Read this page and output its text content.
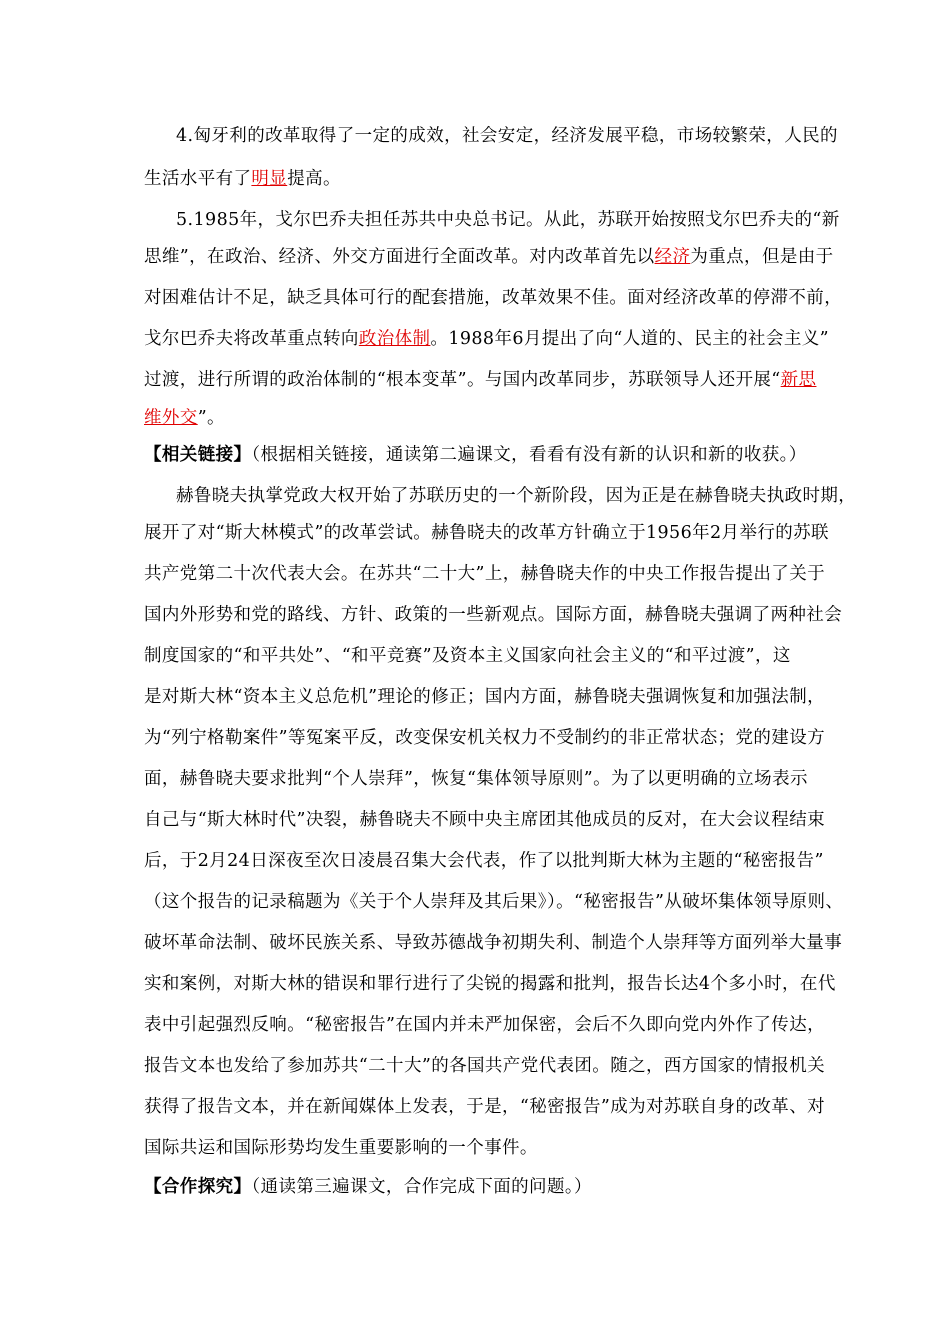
4.匈牙利的改革取得了一定的成效，社会安定，经济发展平稳，市场较繁荣，人民的
生活水平有了明显提高。
5.1985年，戈尔巴乔夫担任苏共中央总书记。从此，苏联开始按照戈尔巴乔夫的“新
思维”，在政治、经济、外交方面进行全面改革。对内改革首先以经济为重点，但是由于
对困难估计不足，缺乏具体可行的配套措施，改革效果不佳。面对经济改革的停滞不前，
戈尔巴乔夫将改革重点转向政治体制。1988年6月提出了向“人道的、民主的社会主义”
过渡，进行所谓的政治体制的“根本变革”。与国内改革同步，苏联领导人还开展“新思
维外交”。
【相关链接】（根据相关链接，通读第二遍课文，看看有没有新的认识和新的收获。）
赫鲁晓夫执掌党政大权开始了苏联历史的一个新阶段，因为正是在赫鲁晓夫执政时期，
展开了对“斯大林模式”的改革尝试。赫鲁晓夫的改革方针确立于1956年2月举行的苏联
共产党第二十次代表大会。在苏共“二十大”上，赫鲁晓夫作的中央工作报告提出了关于
国内外形势和党的路线、方针、政策的一些新观点。国际方面，赫鲁晓夫强调了两种社会
制度国家的“和平共处”、“和平竞赛”及资本主义国家向社会主义的“和平过渡”，这
是对斯大林“资本主义总危机”理论的修正；国内方面，赫鲁晓夫强调恢复和加强法制，
为“列宁格勒案件”等冤案平反，改变保安机关权力不受制约的非正常状态；党的建设方
面，赫鲁晓夫要求批判“个人崇拜”，恢复“集体领导原则”。为了以更明确的立场表示
自己与“斯大林时代”决裂，赫鲁晓夫不顾中央主席团其他成员的反对，在大会议程结束
后，于2月24日深夜至次日凌晨召集大会代表，作了以批判斯大林为主题的“秘密报告”
（这个报告的记录稿题为《关于个人崇拜及其后果》）。“秘密报告”从破坏集体领导原则、
破坏革命法制、破坏民族关系、导致苏德战争初期失利、制造个人崇拜等方面列举大量事
实和案例，对斯大林的错误和罪行进行了尖锐的揭露和批判，报告长达4个多小时，在代
表中引起强烈反响。“秘密报告”在国内并未严加保密，会后不久即向党内外作了传达，
报告文本也发给了参加苏共“二十大”的各国共产党代表团。随之，西方国家的情报机关
获得了报告文本，并在新闻媒体上发表，于是，“秘密报告”成为对苏联自身的改革、对
国际共运和国际形势均发生重要影响的一个事件。
【合作探究】（通读第三遍课文，合作完成下面的问题。）
